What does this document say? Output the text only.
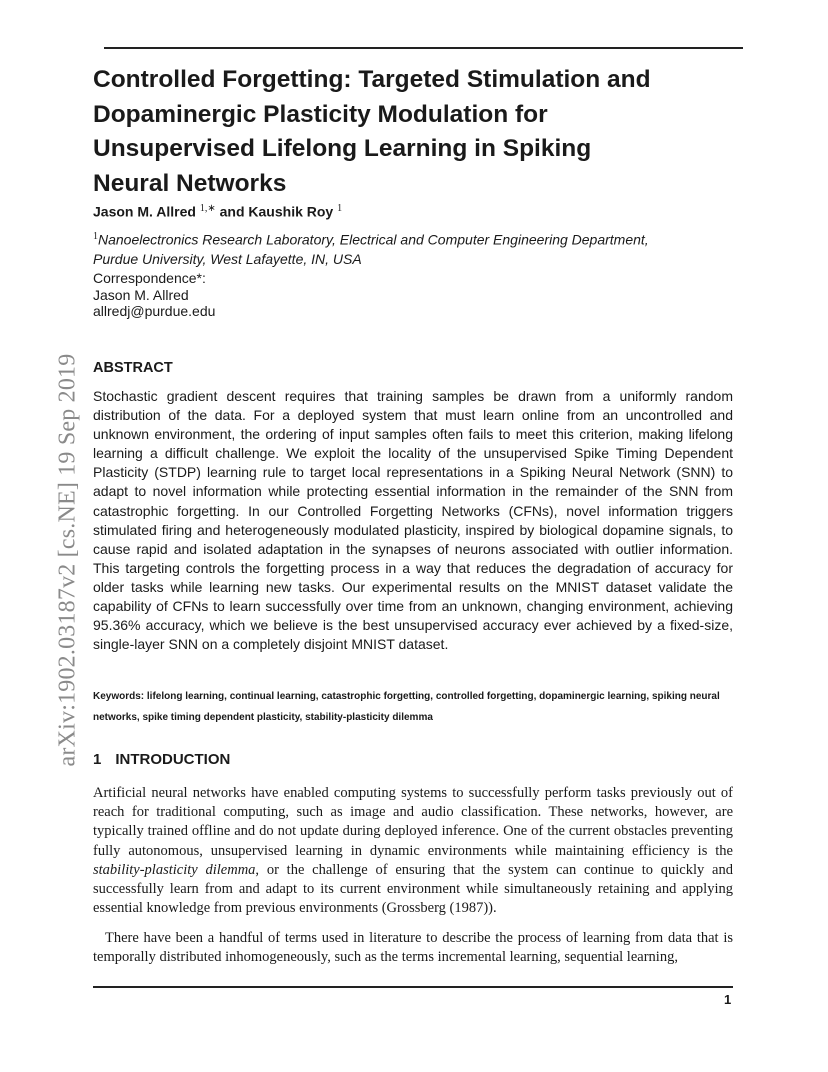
arXiv:1902.03187v2 [cs.NE] 19 Sep 2019
Controlled Forgetting: Targeted Stimulation and Dopaminergic Plasticity Modulation for Unsupervised Lifelong Learning in Spiking Neural Networks
Jason M. Allred $^{1,∗}$ and Kaushik Roy $^1$
$^1$Nanoelectronics Research Laboratory, Electrical and Computer Engineering Department, Purdue University, West Lafayette, IN, USA
Correspondence*:
Jason M. Allred
allredj@purdue.edu
ABSTRACT

Stochastic gradient descent requires that training samples be drawn from a uniformly random distribution of the data. For a deployed system that must learn online from an uncontrolled and unknown environment, the ordering of input samples often fails to meet this criterion, making lifelong learning a difficult challenge. We exploit the locality of the unsupervised Spike Timing Dependent Plasticity (STDP) learning rule to target local representations in a Spiking Neural Network (SNN) to adapt to novel information while protecting essential information in the remainder of the SNN from catastrophic forgetting. In our Controlled Forgetting Networks (CFNs), novel information triggers stimulated firing and heterogeneously modulated plasticity, inspired by biological dopamine signals, to cause rapid and isolated adaptation in the synapses of neurons associated with outlier information. This targeting controls the forgetting process in a way that reduces the degradation of accuracy for older tasks while learning new tasks. Our experimental results on the MNIST dataset validate the capability of CFNs to learn successfully over time from an unknown, changing environment, achieving 95.36% accuracy, which we believe is the best unsupervised accuracy ever achieved by a fixed-size, single-layer SNN on a completely disjoint MNIST dataset.

Keywords: lifelong learning, continual learning, catastrophic forgetting, controlled forgetting, dopaminergic learning, spiking neural networks, spike timing dependent plasticity, stability-plasticity dilemma

1 INTRODUCTION

Artificial neural networks have enabled computing systems to successfully perform tasks previously out of reach for traditional computing, such as image and audio classification. These networks, however, are typically trained offline and do not update during deployed inference. One of the current obstacles preventing fully autonomous, unsupervised learning in dynamic environments while maintaining efficiency is the stability-plasticity dilemma, or the challenge of ensuring that the system can continue to quickly and successfully learn from and adapt to its current environment while simultaneously retaining and applying essential knowledge from previous environments (Grossberg (1987)).

There have been a handful of terms used in literature to describe the process of learning from data that is temporally distributed inhomogeneously, such as the terms incremental learning, sequential learning,

1
